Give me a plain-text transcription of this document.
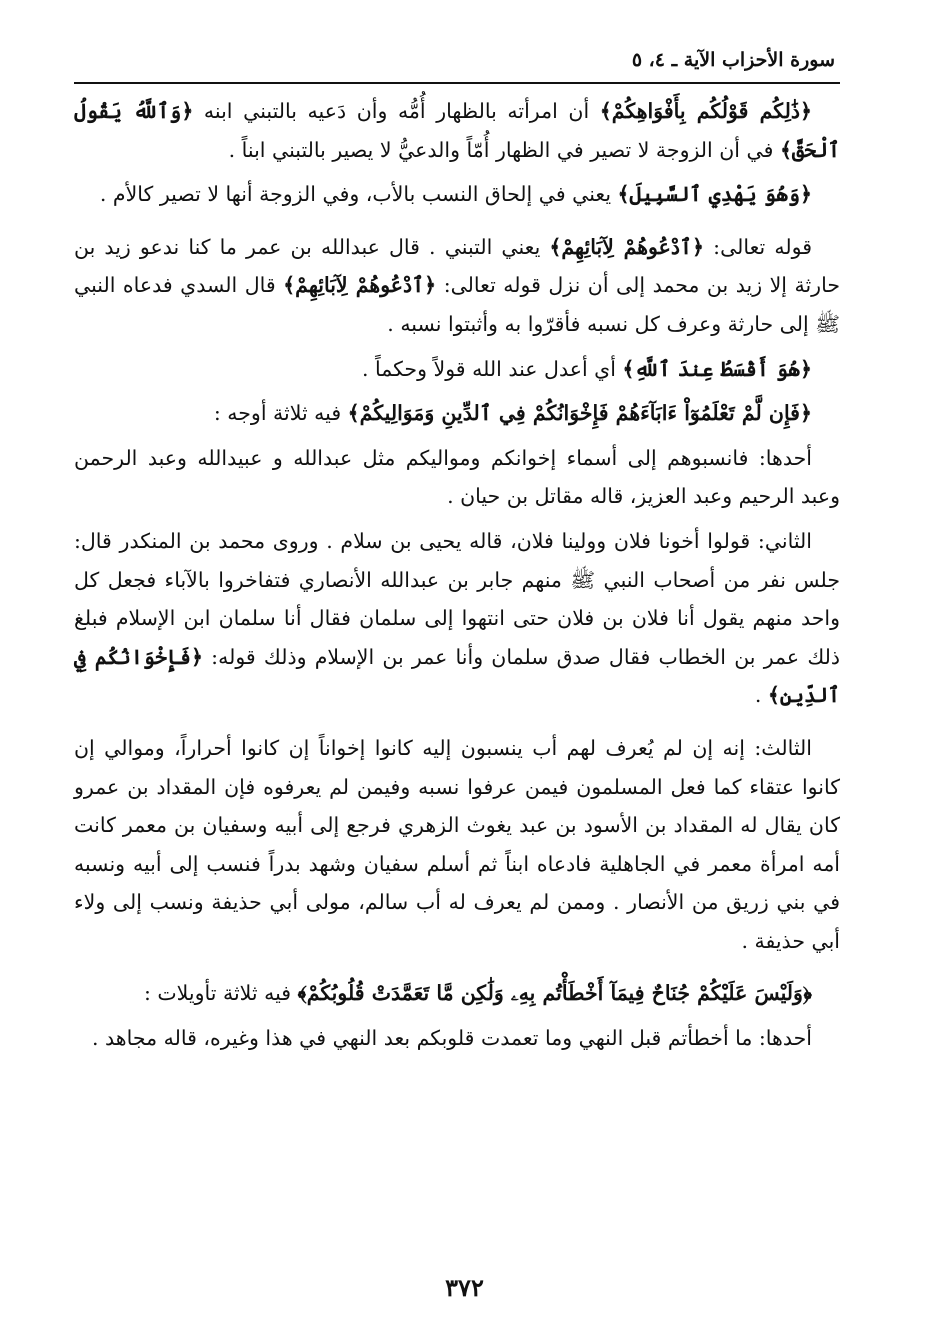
سورة الأحزاب الآية ـ ٤، ٥

﴿ذَٰلِكُم قَوْلُكُم بِأَفْوَاهِكُمْ﴾ أن امرأته بالظهار أُمُّه وأن دَعيه بالتبني ابنه ﴿وَٱللَّهُ يَقُولُ ٱلْحَقَّ﴾ في أن الزوجة لا تصير في الظهار أُمّاً والدعيُّ لا يصير بالتبني ابناً .

﴿وَهُوَ يَهْدِي ٱلسَّبِيلَ﴾ يعني في إلحاق النسب بالأب، وفي الزوجة أنها لا تصير كالأم .

قوله تعالى: ﴿ٱدْعُوهُمْ لِآبَائِهِمْ﴾ يعني التبني . قال عبدالله بن عمر ما كنا ندعو زيد بن حارثة إلا زيد بن محمد إلى أن نزل قوله تعالى: ﴿ٱدْعُوهُمْ لِآبَائِهِمْ﴾ قال السدي فدعاه النبي ﷺ إلى حارثة وعرف كل نسبه فأقرّوا به وأثبتوا نسبه .

﴿هُوَ أَقْسَطُ عِندَ ٱللَّهِ﴾ أي أعدل عند الله قولاً وحكماً .

﴿فَإِن لَّمْ تَعْلَمُوٓاْ ءَابَآءَهُمْ فَإِخْوَانُكُمْ فِي ٱلدِّينِ وَمَوَالِيكُمْ﴾ فيه ثلاثة أوجه :

أحدها: فانسبوهم إلى أسماء إخوانكم ومواليكم مثل عبدالله و عبيدالله وعبد الرحمن وعبد الرحيم وعبد العزيز، قاله مقاتل بن حيان .

الثاني: قولوا أخونا فلان وولينا فلان، قاله يحيى بن سلام . وروى محمد بن المنكدر قال: جلس نفر من أصحاب النبي ﷺ منهم جابر بن عبدالله الأنصاري فتفاخروا بالآباء فجعل كل واحد منهم يقول أنا فلان بن فلان حتى انتهوا إلى سلمان فقال أنا سلمان ابن الإسلام فبلغ ذلك عمر بن الخطاب فقال صدق سلمان وأنا عمر بن الإسلام وذلك قوله: ﴿فَإِخْوَانُكُم فِي ٱلدِّينِ﴾ .

الثالث: إنه إن لم يُعرف لهم أب ينسبون إليه كانوا إخواناً إن كانوا أحراراً، وموالي إن كانوا عتقاء كما فعل المسلمون فيمن عرفوا نسبه وفيمن لم يعرفوه فإن المقداد بن عمرو كان يقال له المقداد بن الأسود بن عبد يغوث الزهري فرجع إلى أبيه وسفيان بن معمر كانت أمه امرأة معمر في الجاهلية فادعاه ابناً ثم أسلم سفيان وشهد بدراً فنسب إلى أبيه ونسبه في بني زريق من الأنصار . وممن لم يعرف له أب سالم، مولى أبي حذيفة ونسب إلى ولاء أبي حذيفة .

﴿وَلَيْسَ عَلَيْكُمْ جُنَاحٌ فِيمَآ أَخْطَأْتُم بِهِۦ وَلَٰكِن مَّا تَعَمَّدَتْ قُلُوبُكُمْ﴾ فيه ثلاثة تأويلات :

أحدها: ما أخطأتم قبل النهي وما تعمدت قلوبكم بعد النهي في هذا وغيره، قاله مجاهد .

٣٧٢
